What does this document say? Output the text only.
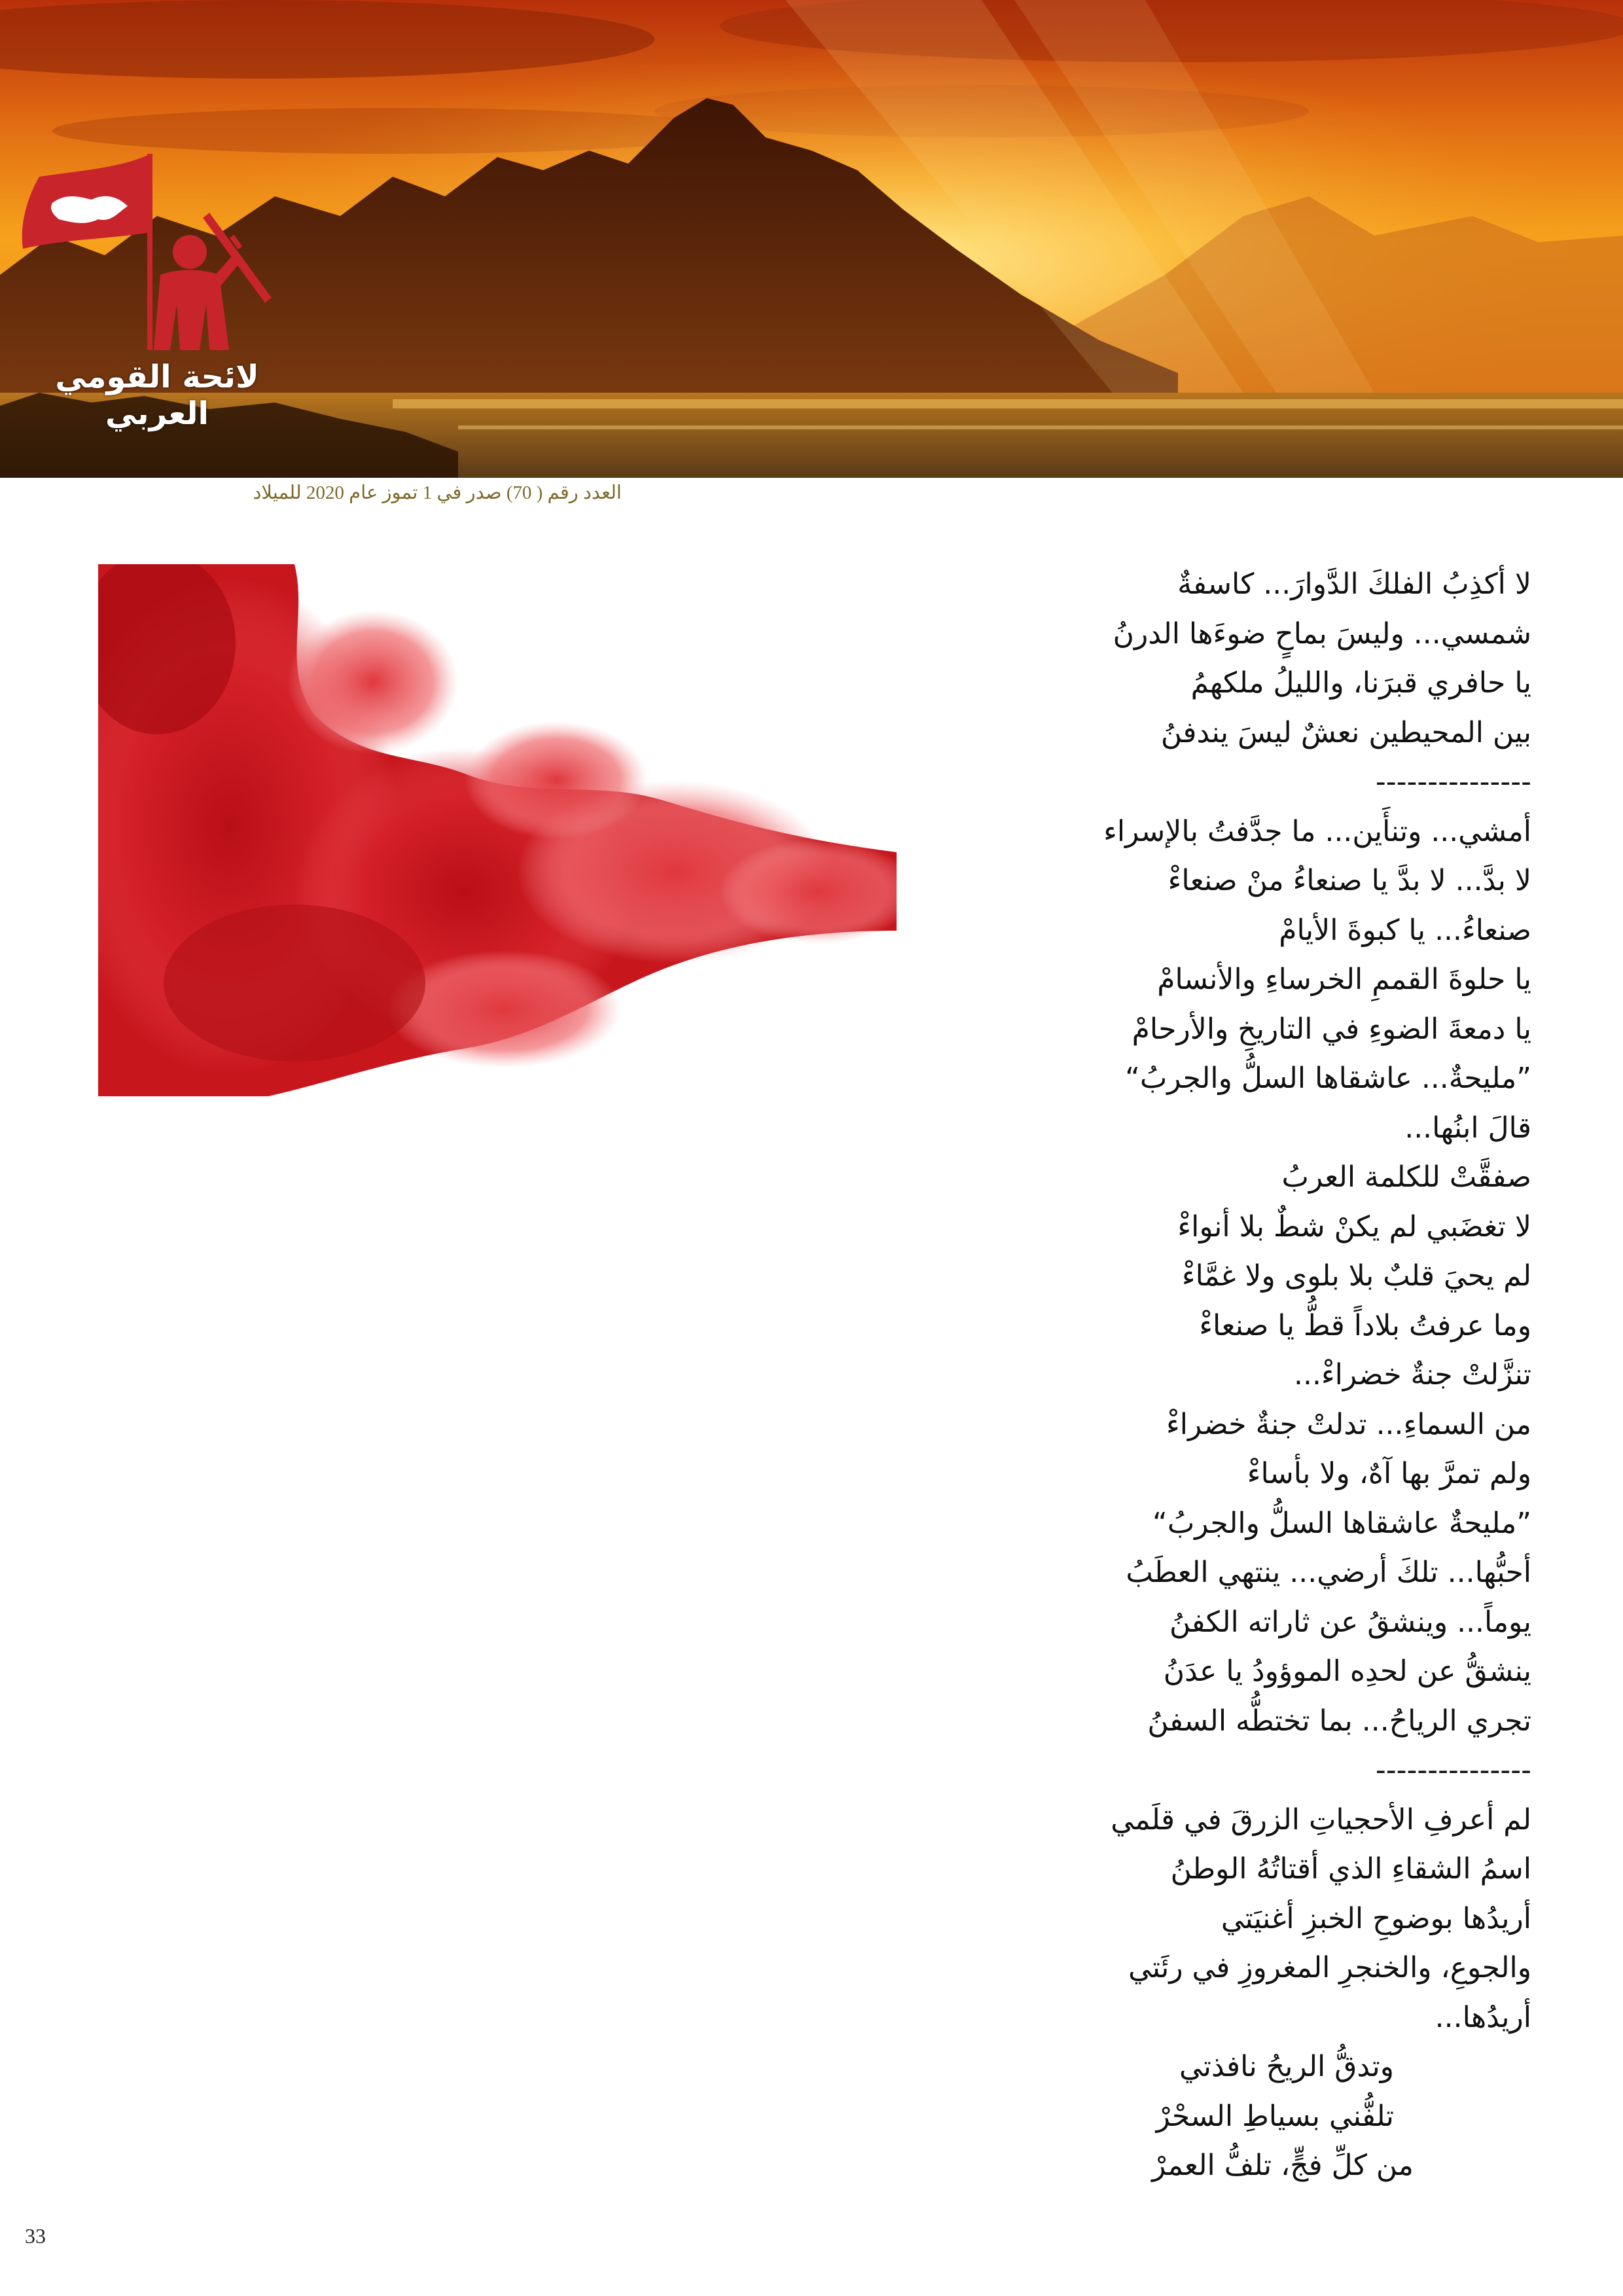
لائحة القومي العربي
العدد رقم ( 70) صدر في 1 تموز عام 2020 للميلاد
لا أكذِبُ الفلكَ الدَّوارَ... كاسفةٌ
شمسي... وليسَ بماحٍ ضوءَها الدرنُ
يا حافري قبرَنا، والليلُ ملكهمُ
بين المحيطين نعشٌ ليسَ يندفنُ
---------------
أمشي... وتنأَين... ما جدَّفتُ بالإسراء
لا بدَّ... لا بدَّ يا صنعاءُ منْ صنعاءْ
صنعاءُ... يا كبوةَ الأيامْ
يا حلوةَ القممِ الخرساءِ والأنسامْ
يا دمعةَ الضوءِ في التاريخِ والأرحامْ
”مليحةٌ... عاشقاها السلُّ والجربُ“
قالَ ابنُها...
صفقَّتْ للكلمة العربُ
لا تغضَبي لم يكنْ شطٌ بلا أنواءْ
لم يحيَ قلبٌ بلا بلوى ولا غمَّاءْ
وما عرفتُ بلاداً قطُّ يا صنعاءْ
تنزَّلتْ جنةٌ خضراءْ...
من السماءِ... تدلتْ جنةٌ خضراءْ
ولم تمرَّ بها آهٌ، ولا بأساءْ
”مليحةٌ عاشقاها السلُّ والجربُ“
أحبُّها... تلكَ أرضي... ينتهي العطَبُ
يوماً... وينشقُ عن ثاراته الكفنُ
ينشقُّ عن لحدِه الموؤودُ يا عدَنُ
تجري الرياحُ... بما تختطُّه السفنُ
---------------
لم أعرفِ الأحجياتِ الزرقَ في قلَمي
اسمُ الشقاءِ الذي أقتاتُهُ الوطنُ
أريدُها بوضوحِ الخبزِ أغنيَتي
والجوعِ، والخنجرِ المغروزِ في رئَتي
أريدُها...
وتدقُّ الريحُ نافذتي
تلفُّني بسياطِ السحْرْ
من كلِّ فجٍّ، تلفُّ العمرْ
33
